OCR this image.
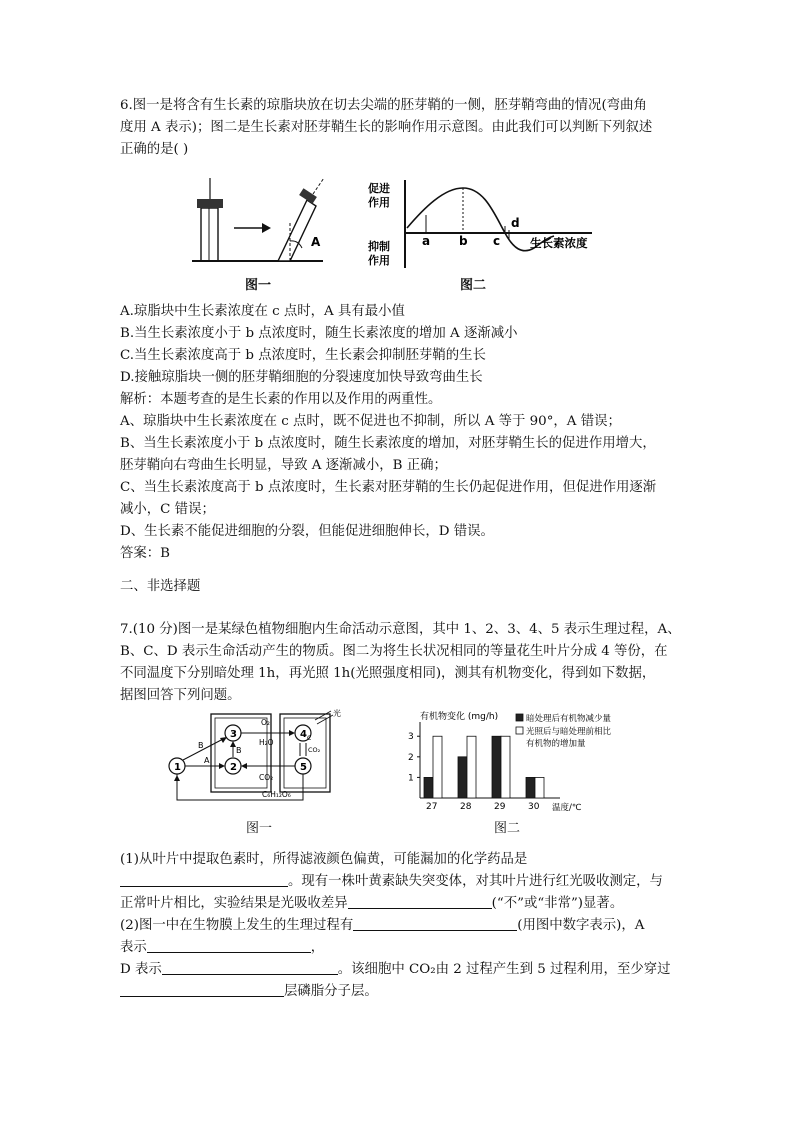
6.图一是将含有生长素的琼脂块放在切去尖端的胚芽鞘的一侧，胚芽鞘弯曲的情况(弯曲角
度用 A 表示)；图二是生长素对胚芽鞘生长的影响作用示意图。由此我们可以判断下列叙述
正确的是( )
A
图一
促进 作用
抑制 作用
a b c
d
生长素浓度
图二
A.琼脂块中生长素浓度在 c 点时，A 具有最小值
B.当生长素浓度小于 b 点浓度时，随生长素浓度的增加 A 逐渐减小
C.当生长素浓度高于 b 点浓度时，生长素会抑制胚芽鞘的生长
D.接触琼脂块一侧的胚芽鞘细胞的分裂速度加快导致弯曲生长
解析：本题考查的是生长素的作用以及作用的两重性。
A、琼脂块中生长素浓度在 c 点时，既不促进也不抑制，所以 A 等于 90°，A 错误；
B、当生长素浓度小于 b 点浓度时，随生长素浓度的增加，对胚芽鞘生长的促进作用增大，
胚芽鞘向右弯曲生长明显，导致 A 逐渐减小，B 正确；
C、当生长素浓度高于 b 点浓度时，生长素对胚芽鞘的生长仍起促进作用，但促进作用逐渐
减小，C 错误；
D、生长素不能促进细胞的分裂，但能促进细胞伸长，D 错误。
答案：B
二、非选择题
7.(10 分)图一是某绿色植物细胞内生命活动示意图，其中 1、2、3、4、5 表示生理过程，A、
B、C、D 表示生命活动产生的物质。图二为将生长状况相同的等量花生叶片分成 4 等份，在
不同温度下分别暗处理 1h，再光照 1h(光照强度相同)，测其有机物变化，得到如下数据，
据图回答下列问题。
3
2
4
5
1
O₂
H₂O
CO₂
CO₂
C₆H₁₂O₆
A
B
B
C
光
图一
有机物变化 (mg/h)	暗处理后有机物减少量
光照后与暗处理前相比
有机物的增加量
温度/℃
1
2
3
27	28	29	30
图二
(1)从叶片中提取色素时，所得滤液颜色偏黄，可能漏加的化学药品是
。现有一株叶黄素缺失突变体，对其叶片进行红光吸收测定，与
正常叶片相比，实验结果是光吸收差异	(“不”或“非常”)显著。
(2)图一中在生物膜上发生的生理过程有	(用图中数字表示)，A
表示	，
D 表示	。该细胞中 CO₂由 2 过程产生到 5 过程利用，至少穿过
层磷脂分子层。
